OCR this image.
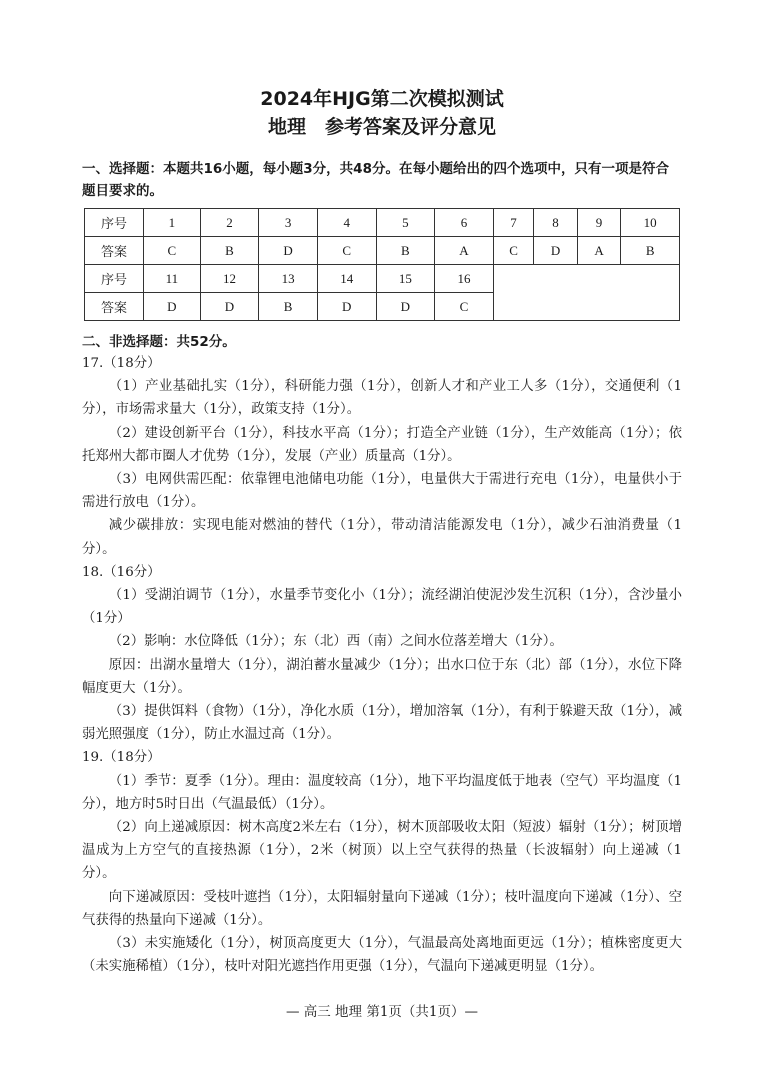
2024年HJG第二次模拟测试
地理　参考答案及评分意见
一、选择题：本题共16小题，每小题3分，共48分。在每小题给出的四个选项中，只有一项是符合题目要求的。
序号	1	2	3	4	5	6	7	8	9	10
答案	C	B	D	C	B	A	C	D	A	B
序号	11	12	13	14	15	16				
答案	D	D	B	D	D	C				
二、非选择题：共52分。

17.（18分）

（1）产业基础扎实（1分），科研能力强（1分），创新人才和产业工人多（1分），交通便利（1分），市场需求量大（1分），政策支持（1分）。

（2）建设创新平台（1分），科技水平高（1分）；打造全产业链（1分），生产效能高（1分）；依托郑州大都市圈人才优势（1分），发展（产业）质量高（1分）。

（3）电网供需匹配：依靠锂电池储电功能（1分），电量供大于需进行充电（1分），电量供小于需进行放电（1分）。

减少碳排放：实现电能对燃油的替代（1分），带动清洁能源发电（1分），减少石油消费量（1分）。

18.（16分）

（1）受湖泊调节（1分），水量季节变化小（1分）；流经湖泊使泥沙发生沉积（1分），含沙量小（1分）

（2）影响：水位降低（1分）；东（北）西（南）之间水位落差增大（1分）。

原因：出湖水量增大（1分），湖泊蓄水量减少（1分）；出水口位于东（北）部（1分），水位下降幅度更大（1分）。

（3）提供饵料（食物）（1分），净化水质（1分），增加溶氧（1分），有利于躲避天敌（1分），减弱光照强度（1分），防止水温过高（1分）。

19.（18分）

（1）季节：夏季（1分）。理由：温度较高（1分），地下平均温度低于地表（空气）平均温度（1分），地方时5时日出（气温最低）（1分）。

（2）向上递减原因：树木高度2米左右（1分），树木顶部吸收太阳（短波）辐射（1分）；树顶增温成为上方空气的直接热源（1分），2米（树顶）以上空气获得的热量（长波辐射）向上递减（1分）。

向下递减原因：受枝叶遮挡（1分），太阳辐射量向下递减（1分）；枝叶温度向下递减（1分）、空气获得的热量向下递减（1分）。

（3）未实施矮化（1分），树顶高度更大（1分），气温最高处离地面更远（1分）；植株密度更大（未实施稀植）（1分），枝叶对阳光遮挡作用更强（1分），气温向下递减更明显（1分）。

— 高三 地理 第1页（共1页）—
